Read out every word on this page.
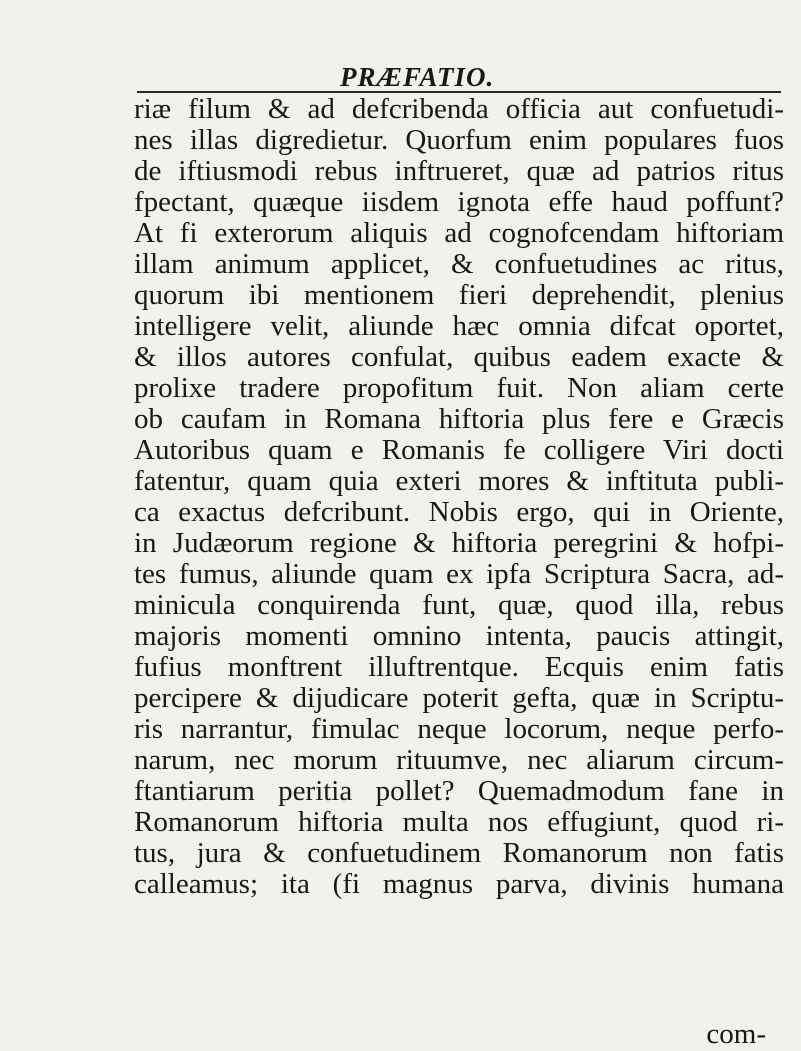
PRÆFATIO.
riæ filum & ad defcribenda officia aut confuetudi-
nes illas digredietur. Quorfum enim populares fuos
de iftiusmodi rebus inftrueret, quæ ad patrios ritus
fpectant, quæque iisdem ignota effe haud poffunt?
At fi exterorum aliquis ad cognofcendam hiftoriam
illam animum applicet, & confuetudines ac ritus,
quorum ibi mentionem fieri deprehendit, plenius
intelligere velit, aliunde hæc omnia difcat oportet,
& illos autores confulat, quibus eadem exacte &
prolixe tradere propofitum fuit. Non aliam certe
ob caufam in Romana hiftoria plus fere e Græcis
Autoribus quam e Romanis fe colligere Viri docti
fatentur, quam quia exteri mores & inftituta publi-
ca exactus defcribunt. Nobis ergo, qui in Oriente,
in Judæorum regione & hiftoria peregrini & hofpi-
tes fumus, aliunde quam ex ipfa Scriptura Sacra, ad-
minicula conquirenda funt, quæ, quod illa, rebus
majoris momenti omnino intenta, paucis attingit,
fufius monftrent illuftrentque. Ecquis enim fatis
percipere & dijudicare poterit gefta, quæ in Scriptu-
ris narrantur, fimulac neque locorum, neque perfo-
narum, nec morum rituumve, nec aliarum circum-
ftantiarum peritia pollet? Quemadmodum fane in
Romanorum hiftoria multa nos effugiunt, quod ri-
tus, jura & confuetudinem Romanorum non fatis
calleamus; ita (fi magnus parva, divinis humana
com-
